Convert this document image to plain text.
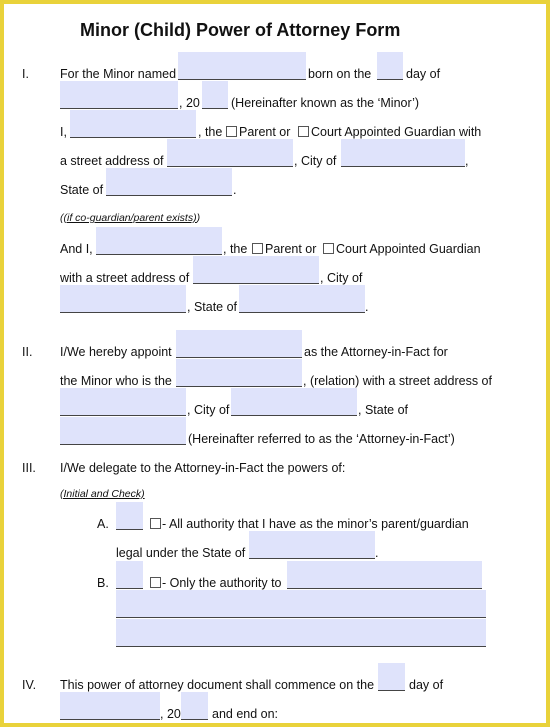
Minor (Child) Power of Attorney Form
I. For the Minor named	born on the	day of
, 20 (Hereinafter known as the ‘Minor’)
I,	, the Parent or Court Appointed Guardian with
a street address of	, City of	,
State of	.
((if co-guardian/parent exists))
And I,	, the Parent or Court Appointed Guardian
with a street address of	, City of
, State of	.
II. I/We hereby appoint	as the Attorney-in-Fact for
the Minor who is the	, (relation) with a street address of
, City of	, State of
(Hereinafter referred to as the ‘Attorney-in-Fact’)
III. I/We delegate to the Attorney-in-Fact the powers of:
(Initial and Check)
A.	- All authority that I have as the minor’s parent/guardian
legal under the State of	.
B.	- Only the authority to
IV. This power of attorney document shall commence on the	day of
, 20 and end on:
